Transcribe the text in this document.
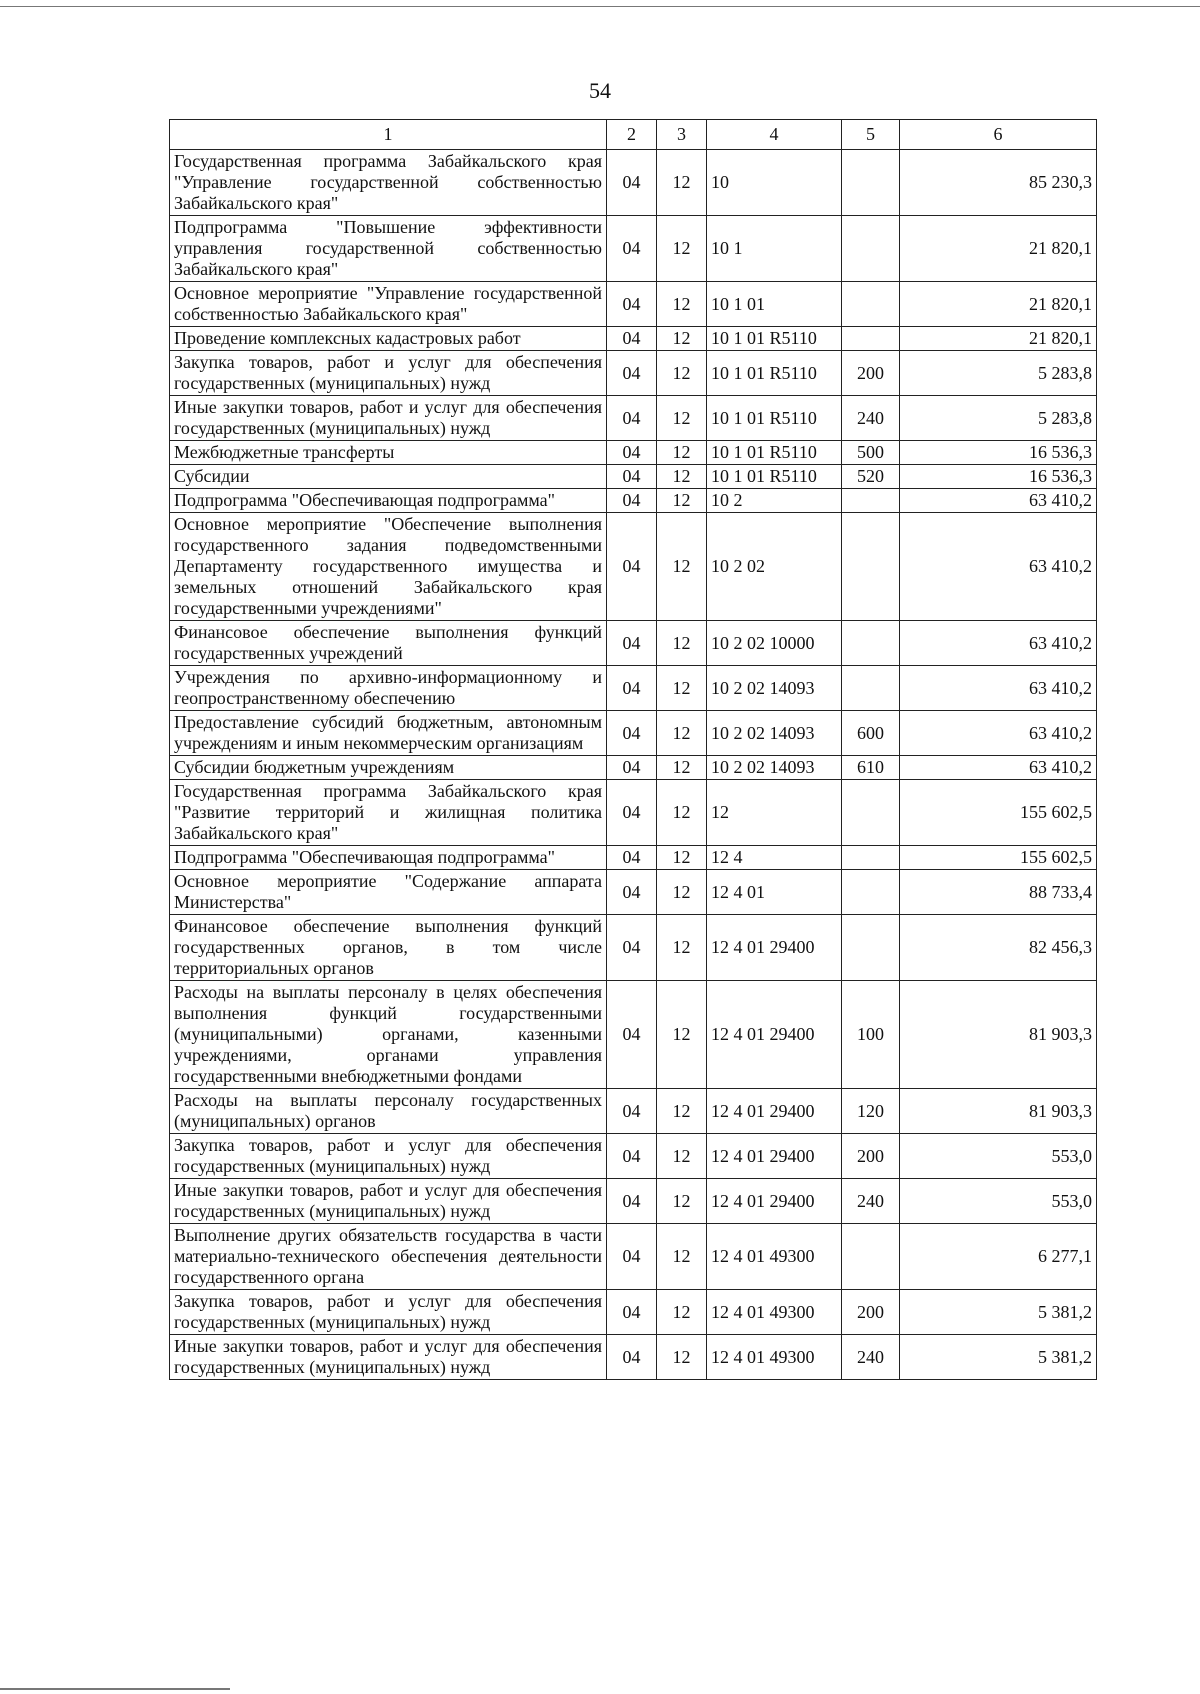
54
1	2	3	4	5	6
Государственная программа Забайкальского края "Управление государственной собственностью Забайкальского края"	04	12	10		85 230,3
Подпрограмма "Повышение эффективности управления государственной собственностью Забайкальского края"	04	12	10 1		21 820,1
Основное мероприятие "Управление государственной собственностью Забайкальского края"	04	12	10 1 01		21 820,1
Проведение комплексных кадастровых работ	04	12	10 1 01 R5110		21 820,1
Закупка товаров, работ и услуг для обеспечения государственных (муниципальных) нужд	04	12	10 1 01 R5110	200	5 283,8
Иные закупки товаров, работ и услуг для обеспечения государственных (муниципальных) нужд	04	12	10 1 01 R5110	240	5 283,8
Межбюджетные трансферты	04	12	10 1 01 R5110	500	16 536,3
Субсидии	04	12	10 1 01 R5110	520	16 536,3
Подпрограмма "Обеспечивающая подпрограмма"	04	12	10 2		63 410,2
Основное мероприятие "Обеспечение выполнения государственного задания подведомственными Департаменту государственного имущества и земельных отношений Забайкальского края государственными учреждениями"	04	12	10 2 02		63 410,2
Финансовое обеспечение выполнения функций государственных учреждений	04	12	10 2 02 10000		63 410,2
Учреждения по архивно-информационному и геопространственному обеспечению	04	12	10 2 02 14093		63 410,2
Предоставление субсидий бюджетным, автономным учреждениям и иным некоммерческим организациям	04	12	10 2 02 14093	600	63 410,2
Субсидии бюджетным учреждениям	04	12	10 2 02 14093	610	63 410,2
Государственная программа Забайкальского края "Развитие территорий и жилищная политика Забайкальского края"	04	12	12		155 602,5
Подпрограмма "Обеспечивающая подпрограмма"	04	12	12 4		155 602,5
Основное мероприятие "Содержание аппарата Министерства"	04	12	12 4 01		88 733,4
Финансовое обеспечение выполнения функций государственных органов, в том числе территориальных органов	04	12	12 4 01 29400		82 456,3
Расходы на выплаты персоналу в целях обеспечения выполнения функций государственными (муниципальными) органами, казенными учреждениями, органами управления государственными внебюджетными фондами	04	12	12 4 01 29400	100	81 903,3
Расходы на выплаты персоналу государственных (муниципальных) органов	04	12	12 4 01 29400	120	81 903,3
Закупка товаров, работ и услуг для обеспечения государственных (муниципальных) нужд	04	12	12 4 01 29400	200	553,0
Иные закупки товаров, работ и услуг для обеспечения государственных (муниципальных) нужд	04	12	12 4 01 29400	240	553,0
Выполнение других обязательств государства в части материально-технического обеспечения деятельности государственного органа	04	12	12 4 01 49300		6 277,1
Закупка товаров, работ и услуг для обеспечения государственных (муниципальных) нужд	04	12	12 4 01 49300	200	5 381,2
Иные закупки товаров, работ и услуг для обеспечения государственных (муниципальных) нужд	04	12	12 4 01 49300	240	5 381,2
